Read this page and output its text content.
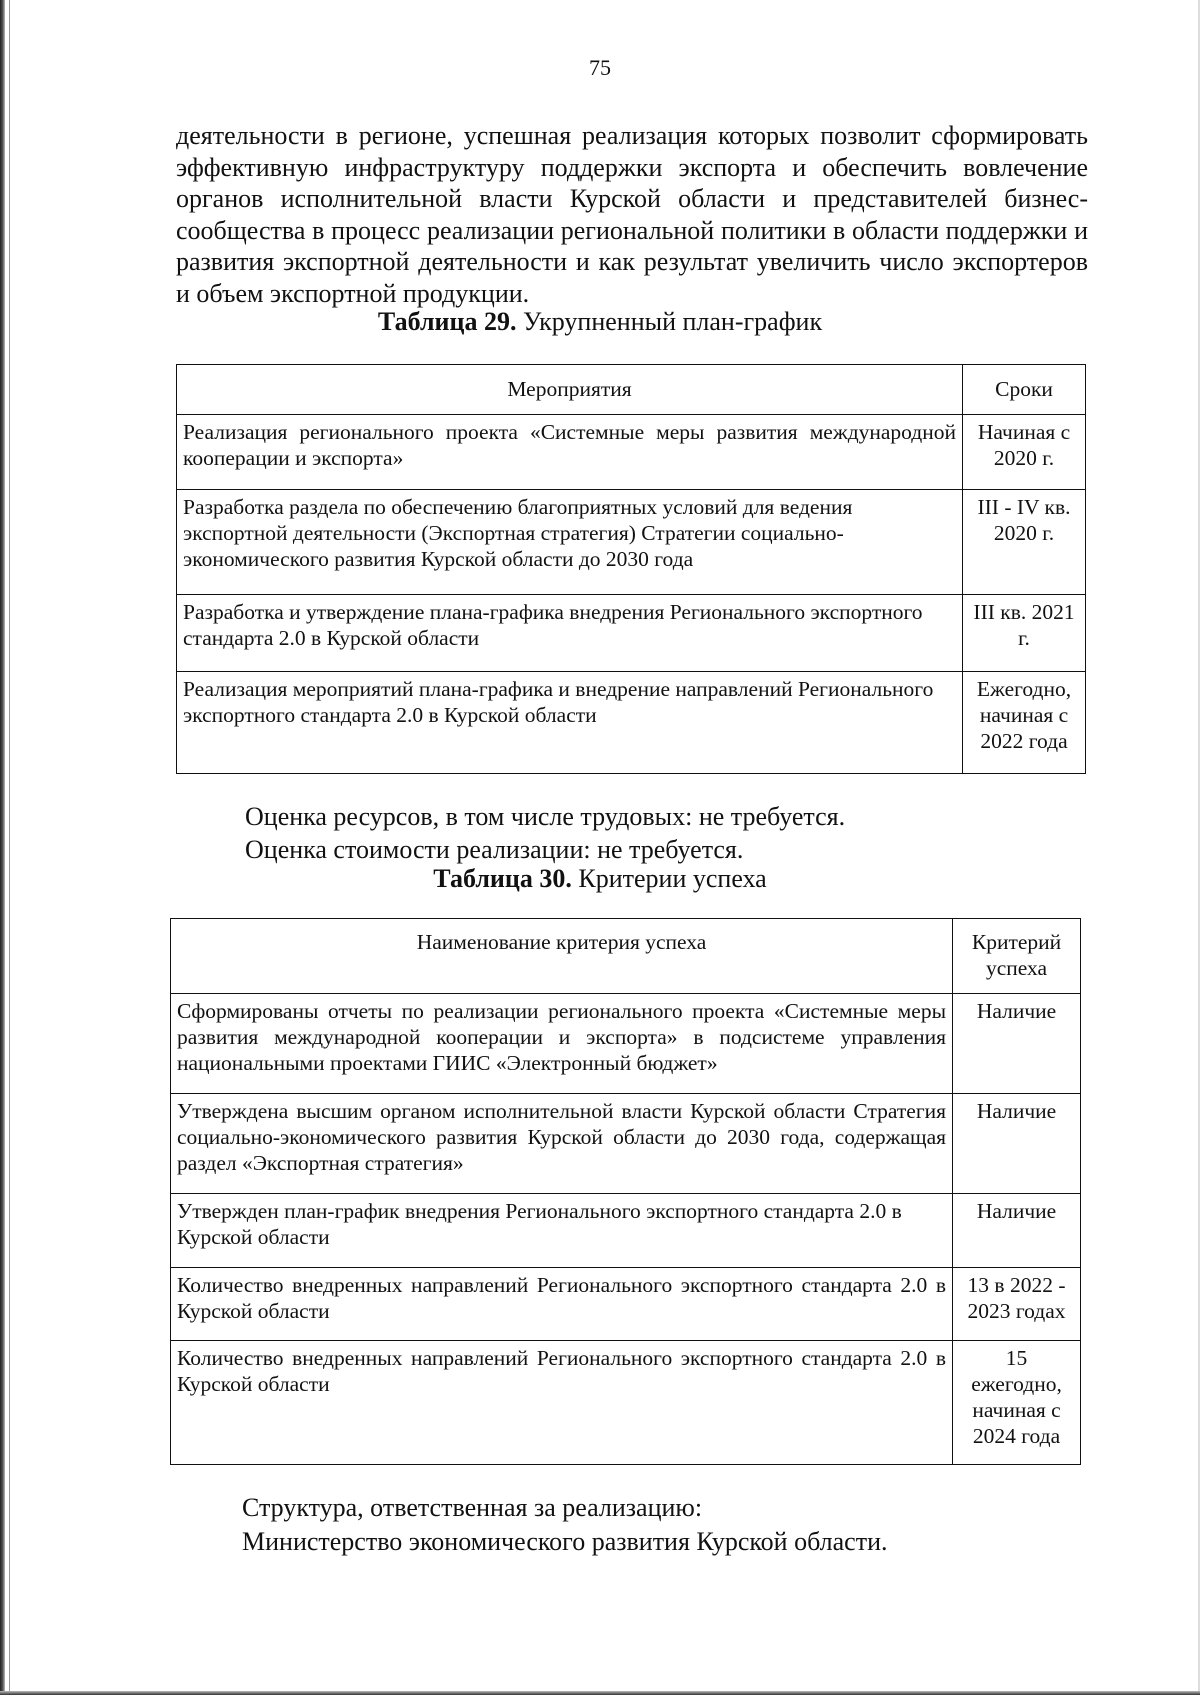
75
деятельности в регионе, успешная реализация которых позволит сформировать эффективную инфраструктуру поддержки экспорта и обеспечить вовлечение органов исполнительной власти Курской области и представителей бизнес-сообщества в процесс реализации региональной политики в области поддержки и развития экспортной деятельности и как результат увеличить число экспортеров и объем экспортной продукции.
Таблица 29. Укрупненный план-график
Мероприятия	Сроки
Реализация регионального проекта «Системные меры развития международной кооперации и экспорта»	Начиная с 2020 г.
Разработка раздела по обеспечению благоприятных условий для ведения экспортной деятельности (Экспортная стратегия) Стратегии социально-экономического развития Курской области до 2030 года	III - IV кв. 2020 г.
Разработка и утверждение плана-графика внедрения Регионального экспортного стандарта 2.0 в Курской области	III кв. 2021 г.
Реализация мероприятий плана-графика и внедрение направлений Регионального экспортного стандарта 2.0 в Курской области	Ежегодно, начиная с 2022 года
Оценка ресурсов, в том числе трудовых: не требуется.
Оценка стоимости реализации: не требуется.
Таблица 30. Критерии успеха
Наименование критерия успеха	Критерий успеха
Сформированы отчеты по реализации регионального проекта «Системные меры развития международной кооперации и экспорта» в подсистеме управления национальными проектами ГИИС «Электронный бюджет»	Наличие
Утверждена высшим органом исполнительной власти Курской области Стратегия социально-экономического развития Курской области до 2030 года, содержащая раздел «Экспортная стратегия»	Наличие
Утвержден план-график внедрения Регионального экспортного стандарта 2.0 в Курской области	Наличие
Количество внедренных направлений Регионального экспортного стандарта 2.0 в Курской области	13 в 2022 - 2023 годах
Количество внедренных направлений Регионального экспортного стандарта 2.0 в Курской области	15 ежегодно, начиная с 2024 года
Структура, ответственная за реализацию:
Министерство экономического развития Курской области.
